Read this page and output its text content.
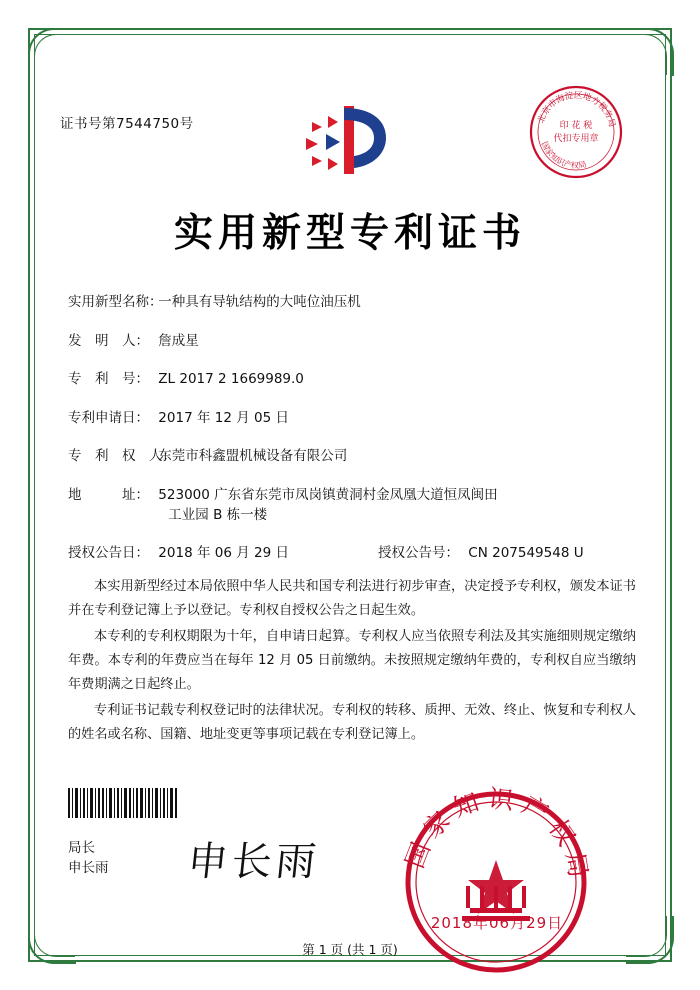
证书号第7544750号	北京市海淀区地方税务局
国家知识产权局
印 花 税
代扣专用章
实用新型专利证书
实用新型名称： 一种具有导轨结构的大吨位油压机
发　明　人： 詹成星
专　利　号： ZL 2017 2 1669989.0
专利申请日： 2017 年 12 月 05 日
专　利　权　人： 东莞市科鑫盟机械设备有限公司
地　　　址： 523000 广东省东莞市凤岗镇黄洞村金凤凰大道恒凤闽田
工业园 B 栋一楼
授权公告日： 2018 年 06 月 29 日	授权公告号： CN 207549548 U

本实用新型经过本局依照中华人民共和国专利法进行初步审查，决定授予专利权，颁发本证书并在专利登记簿上予以登记。专利权自授权公告之日起生效。

本专利的专利权期限为十年，自申请日起算。专利权人应当依照专利法及其实施细则规定缴纳年费。本专利的年费应当在每年 12 月 05 日前缴纳。未按照规定缴纳年费的，专利权自应当缴纳年费期满之日起终止。

专利证书记载专利权登记时的法律状况。专利权的转移、质押、无效、终止、恢复和专利权人的姓名或名称、国籍、地址变更等事项记载在专利登记簿上。

局长
申长雨 申长雨	国家知识产权局
2018年06月29日
第 1 页 (共 1 页)
